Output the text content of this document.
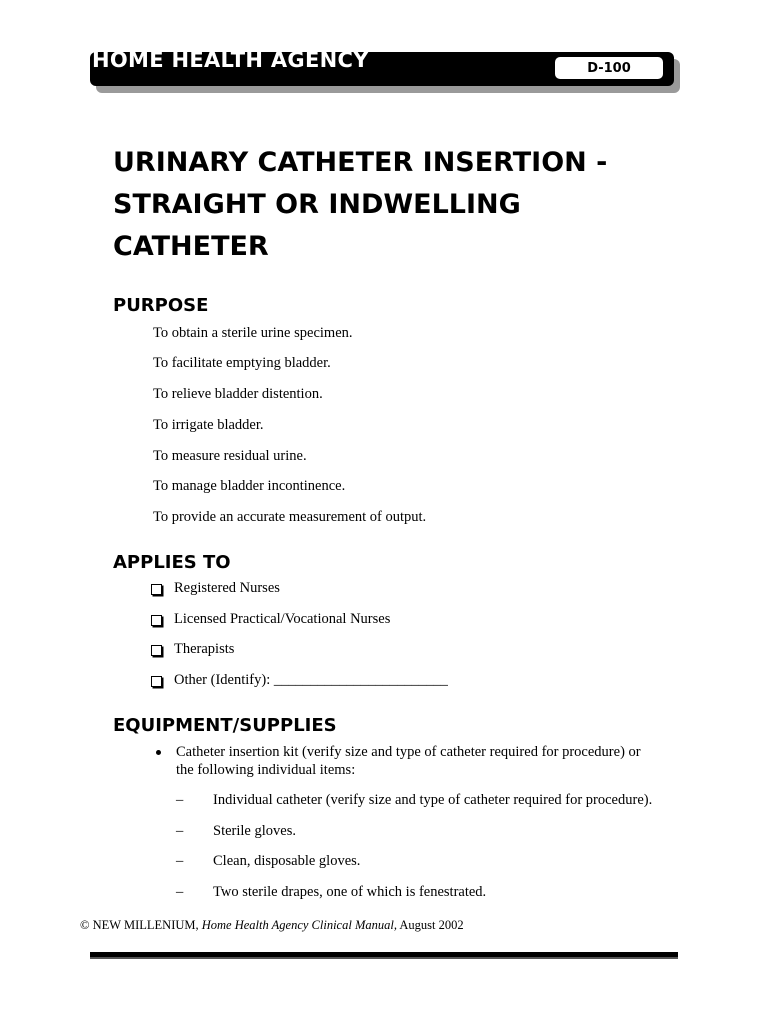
HOME HEALTH AGENCY	D-100
URINARY CATHETER INSERTION -
STRAIGHT OR INDWELLING
CATHETER
PURPOSE
To obtain a sterile urine specimen.
To facilitate emptying bladder.
To relieve bladder distention.
To irrigate bladder.
To measure residual urine.
To manage bladder incontinence.
To provide an accurate measurement of output.
APPLIES TO
Registered Nurses
Licensed Practical/Vocational Nurses
Therapists
Other (Identify): ________________________
EQUIPMENT/SUPPLIES
Catheter insertion kit (verify size and type of catheter required for procedure) or
the following individual items:
– Individual catheter (verify size and type of catheter required for procedure).
– Sterile gloves.
– Clean, disposable gloves.
– Two sterile drapes, one of which is fenestrated.
© NEW MILLENIUM, Home Health Agency Clinical Manual, August 2002
